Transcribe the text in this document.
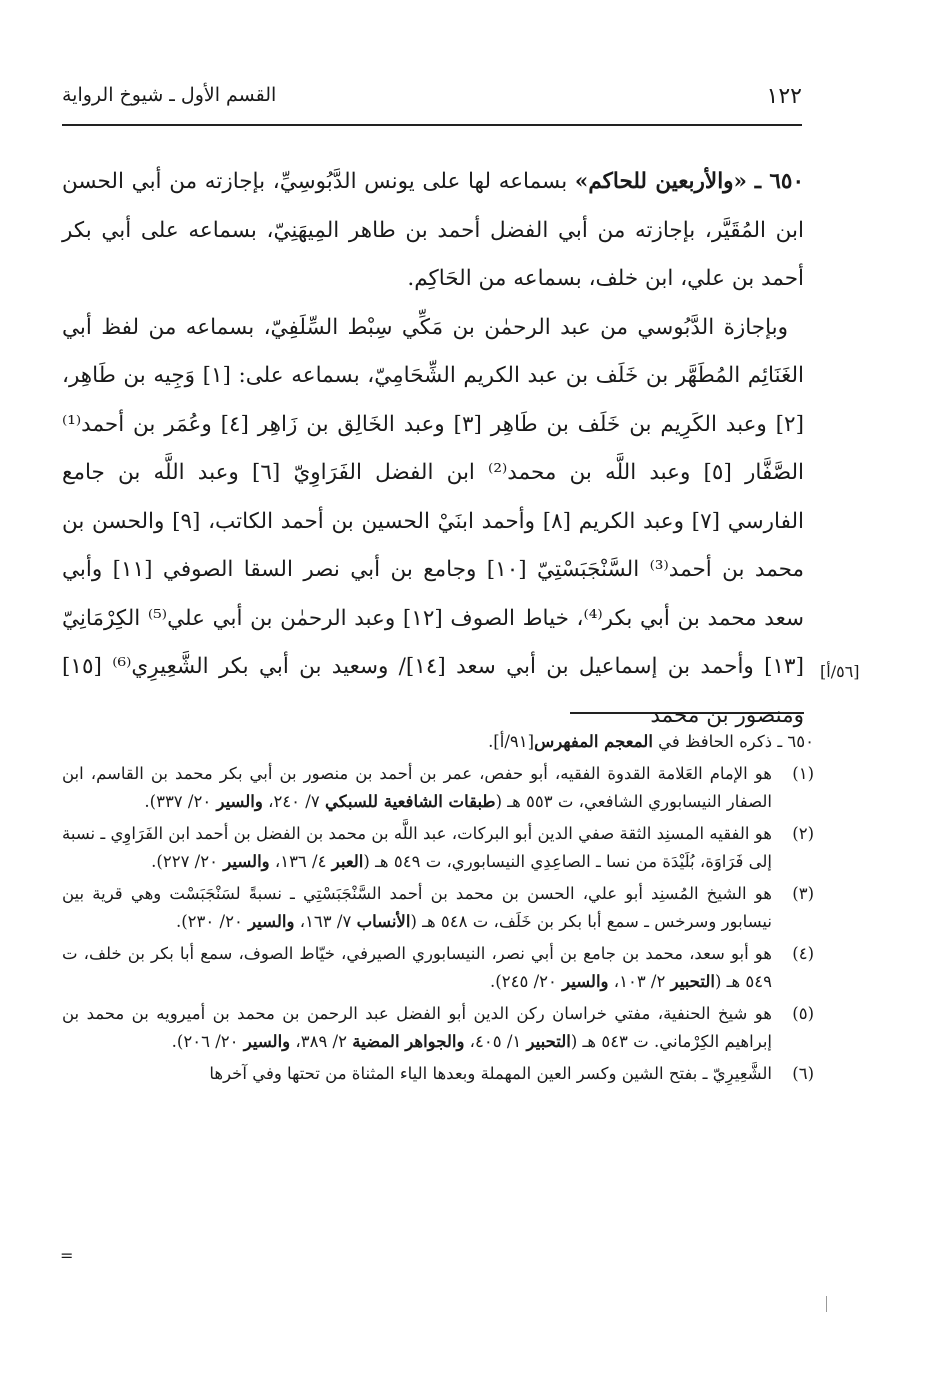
١٢٢
القسم الأول ـ شيوخ الرواية

٦٥٠ ـ «والأربعين للحاكم» بسماعه لها على يونس الدَّبُوسِيِّ، بإجازته من أبي الحسن ابن المُقَيَّر، بإجازته من أبي الفضل أحمد بن طاهر المِيهَنِيّ، بسماعه على أبي بكر أحمد بن علي، ابن خلف، بسماعه من الحَاكِم.

وبإجازة الدَّبُوسي من عبد الرحمٰن بن مَكِّي سِبْط السِّلَفِيّ، بسماعه من لفظ أبي الغَنَائِم المُطَهَّر بن خَلَف بن عبد الكريم الشِّحَامِيّ، بسماعه على: [١] وَجِيه بن طَاهِر، [٢] وعبد الكَرِيم بن خَلَف بن طَاهِر [٣] وعبد الخَالِق بن زَاهِر [٤] وعُمَر بن أحمد⁽¹⁾ الصَّفَّار [٥] وعبد اللَّه بن محمد⁽²⁾ ابن الفضل الفَرَاوِيّ [٦] وعبد اللَّه بن جامع الفارسي [٧] وعبد الكريم [٨] وأحمد ابنَيْ الحسين بن أحمد الكاتب، [٩] والحسن بن محمد بن أحمد⁽³⁾ السَّنْجَبَسْتِيّ [١٠] وجامع بن أبي نصر السقا الصوفي [١١] وأبي سعد محمد بن أبي بكر⁽⁴⁾، خياط الصوف [١٢] وعبد الرحمٰن بن أبي علي⁽⁵⁾ الكِرْمَانِيّ [١٣] وأحمد بن إسماعيل بن أبي سعد [١٤]/ وسعيد بن أبي بكر الشَّعِيرِي⁽⁶⁾ [١٥] ومنصور بن محمد

[٥٦/أ]

٦٥٠ ـ ذكره الحافظ في المعجم المفهرس[٩١/أ].

(١)
هو الإمام العَلامة القدوة الفقيه، أبو حفص، عمر بن أحمد بن منصور بن أبي بكر محمد بن القاسم، ابن الصفار النيسابوري الشافعي، ت ٥٥٣ هـ (طبقات الشافعية للسبكي ٧/ ٢٤٠، والسير ٢٠/ ٣٣٧).

(٢)
هو الفقيه المسنِد الثقة صفي الدين أبو البركات، عبد اللَّه بن محمد بن الفضل بن أحمد ابن الفَرَاوِي ـ نسبة إلى فَرَاوَة، بُلَيْدَة من نسا ـ الصاعِدِي النيسابوري، ت ٥٤٩ هـ (العبر ٤/ ١٣٦، والسير ٢٠/ ٢٢٧).

(٣)
هو الشيخ المُسنِد أبو علي، الحسن بن محمد بن أحمد السَّنْجَبَسْتِي ـ نسبةً لسَنْجَبَسْت وهي قرية بين نيسابور وسرخس ـ سمع أبا بكر بن خَلَف، ت ٥٤٨ هـ (الأنساب ٧/ ١٦٣، والسير ٢٠/ ٢٣٠).

(٤)
هو أبو سعد، محمد بن جامع بن أبي نصر، النيسابوري الصيرفي، خيّاط الصوف، سمع أبا بكر بن خلف، ت ٥٤٩ هـ (التحبير ٢/ ١٠٣، والسير ٢٠/ ٢٤٥).

(٥)
هو شيخ الحنفية، مفتي خراسان ركن الدين أبو الفضل عبد الرحمن بن محمد بن أميرويه بن محمد بن إبراهيم الكِرْماني. ت ٥٤٣ هـ (التحبير ١/ ٤٠٥، والجواهر المضية ٢/ ٣٨٩، والسير ٢٠/ ٢٠٦).

(٦)
الشَّعِيرِيّ ـ بفتح الشين وكسر العين المهملة وبعدها الياء المثناة من تحتها وفي آخرها

=
